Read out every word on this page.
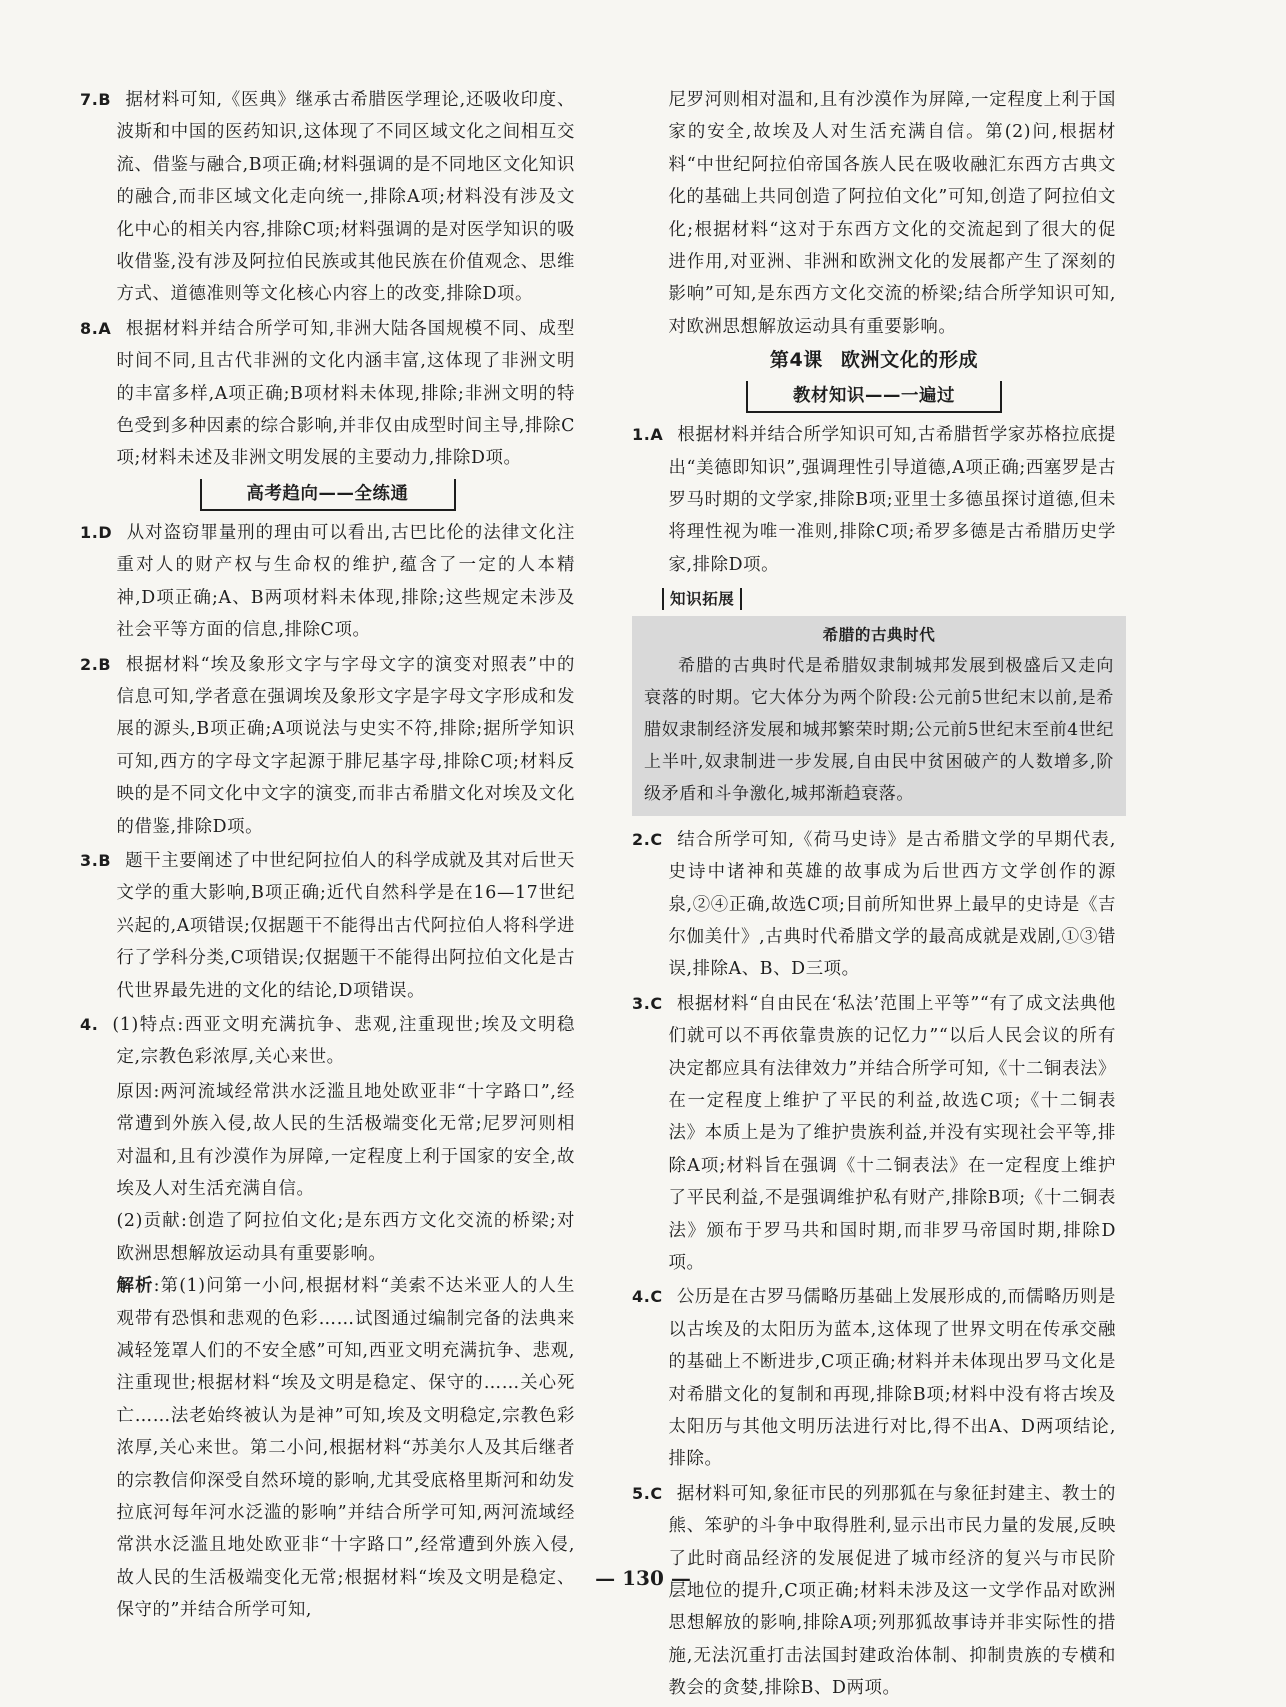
7.B 据材料可知,《医典》继承古希腊医学理论,还吸收印度、波斯和中国的医药知识,这体现了不同区域文化之间相互交流、借鉴与融合,B项正确;材料强调的是不同地区文化知识的融合,而非区域文化走向统一,排除A项;材料没有涉及文化中心的相关内容,排除C项;材料强调的是对医学知识的吸收借鉴,没有涉及阿拉伯民族或其他民族在价值观念、思维方式、道德准则等文化核心内容上的改变,排除D项。
8.A 根据材料并结合所学可知,非洲大陆各国规模不同、成型时间不同,且古代非洲的文化内涵丰富,这体现了非洲文明的丰富多样,A项正确;B项材料未体现,排除;非洲文明的特色受到多种因素的综合影响,并非仅由成型时间主导,排除C项;材料未述及非洲文明发展的主要动力,排除D项。
高考趋向——全练通
1.D 从对盗窃罪量刑的理由可以看出,古巴比伦的法律文化注重对人的财产权与生命权的维护,蕴含了一定的人本精神,D项正确;A、B两项材料未体现,排除;这些规定未涉及社会平等方面的信息,排除C项。
2.B 根据材料“埃及象形文字与字母文字的演变对照表”中的信息可知,学者意在强调埃及象形文字是字母文字形成和发展的源头,B项正确;A项说法与史实不符,排除;据所学知识可知,西方的字母文字起源于腓尼基字母,排除C项;材料反映的是不同文化中文字的演变,而非古希腊文化对埃及文化的借鉴,排除D项。
3.B 题干主要阐述了中世纪阿拉伯人的科学成就及其对后世天文学的重大影响,B项正确;近代自然科学是在16—17世纪兴起的,A项错误;仅据题干不能得出古代阿拉伯人将科学进行了学科分类,C项错误;仅据题干不能得出阿拉伯文化是古代世界最先进的文化的结论,D项错误。
4. (1)特点:西亚文明充满抗争、悲观,注重现世;埃及文明稳定,宗教色彩浓厚,关心来世。

原因:两河流域经常洪水泛滥且地处欧亚非“十字路口”,经常遭到外族入侵,故人民的生活极端变化无常;尼罗河则相对温和,且有沙漠作为屏障,一定程度上利于国家的安全,故埃及人对生活充满自信。

(2)贡献:创造了阿拉伯文化;是东西方文化交流的桥梁;对欧洲思想解放运动具有重要影响。

解析:第(1)问第一小问,根据材料“美索不达米亚人的人生观带有恐惧和悲观的色彩……试图通过编制完备的法典来减轻笼罩人们的不安全感”可知,西亚文明充满抗争、悲观,注重现世;根据材料“埃及文明是稳定、保守的……关心死亡……法老始终被认为是神”可知,埃及文明稳定,宗教色彩浓厚,关心来世。第二小问,根据材料“苏美尔人及其后继者的宗教信仰深受自然环境的影响,尤其受底格里斯河和幼发拉底河每年河水泛滥的影响”并结合所学可知,两河流域经常洪水泛滥且地处欧亚非“十字路口”,经常遭到外族入侵,故人民的生活极端变化无常;根据材料“埃及文明是稳定、保守的”并结合所学可知,

尼罗河则相对温和,且有沙漠作为屏障,一定程度上利于国家的安全,故埃及人对生活充满自信。第(2)问,根据材料“中世纪阿拉伯帝国各族人民在吸收融汇东西方古典文化的基础上共同创造了阿拉伯文化”可知,创造了阿拉伯文化;根据材料“这对于东西方文化的交流起到了很大的促进作用,对亚洲、非洲和欧洲文化的发展都产生了深刻的影响”可知,是东西方文化交流的桥梁;结合所学知识可知,对欧洲思想解放运动具有重要影响。

第4课 欧洲文化的形成
教材知识——一遍过
1.A 根据材料并结合所学知识可知,古希腊哲学家苏格拉底提出“美德即知识”,强调理性引导道德,A项正确;西塞罗是古罗马时期的文学家,排除B项;亚里士多德虽探讨道德,但未将理性视为唯一准则,排除C项;希罗多德是古希腊历史学家,排除D项。
知识拓展
希腊的古典时代
希腊的古典时代是希腊奴隶制城邦发展到极盛后又走向衰落的时期。它大体分为两个阶段:公元前5世纪末以前,是希腊奴隶制经济发展和城邦繁荣时期;公元前5世纪末至前4世纪上半叶,奴隶制进一步发展,自由民中贫困破产的人数增多,阶级矛盾和斗争激化,城邦渐趋衰落。
2.C 结合所学可知,《荷马史诗》是古希腊文学的早期代表,史诗中诸神和英雄的故事成为后世西方文学创作的源泉,②④正确,故选C项;目前所知世界上最早的史诗是《吉尔伽美什》,古典时代希腊文学的最高成就是戏剧,①③错误,排除A、B、D三项。
3.C 根据材料“自由民在‘私法’范围上平等”“有了成文法典他们就可以不再依靠贵族的记忆力”“以后人民会议的所有决定都应具有法律效力”并结合所学可知,《十二铜表法》在一定程度上维护了平民的利益,故选C项;《十二铜表法》本质上是为了维护贵族利益,并没有实现社会平等,排除A项;材料旨在强调《十二铜表法》在一定程度上维护了平民利益,不是强调维护私有财产,排除B项;《十二铜表法》颁布于罗马共和国时期,而非罗马帝国时期,排除D项。
4.C 公历是在古罗马儒略历基础上发展形成的,而儒略历则是以古埃及的太阳历为蓝本,这体现了世界文明在传承交融的基础上不断进步,C项正确;材料并未体现出罗马文化是对希腊文化的复制和再现,排除B项;材料中没有将古埃及太阳历与其他文明历法进行对比,得不出A、D两项结论,排除。
5.C 据材料可知,象征市民的列那狐在与象征封建主、教士的熊、笨驴的斗争中取得胜利,显示出市民力量的发展,反映了此时商品经济的发展促进了城市经济的复兴与市民阶层地位的提升,C项正确;材料未涉及这一文学作品对欧洲思想解放的影响,排除A项;列那狐故事诗并非实际性的措施,无法沉重打击法国封建政治体制、抑制贵族的专横和教会的贪婪,排除B、D两项。
— 130 —
